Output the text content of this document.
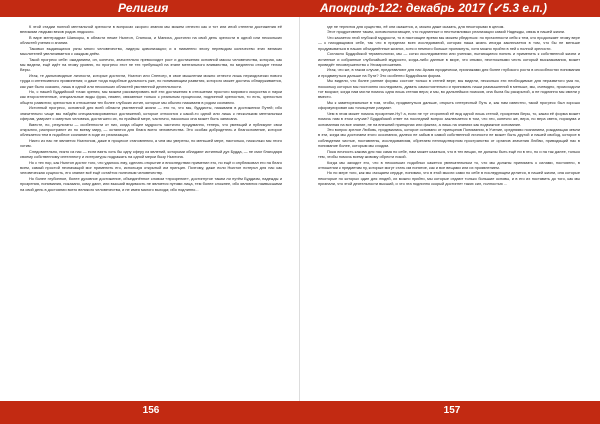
Религия	Апокриф-122: декабрь 2017 (✓5.3 е.п.)

К этой стадии полной ментальной зрелости в вопросах скорого знания мы можем отнести как и тот или иной степени достижения её великими людьми веков родов людского.

В варе ментрадрае Шанкоры, в области некие Ньютон, Спиноза, и Маниха, достигли на свой день зрелости в одной или нескольких областей учения и знании.

Таковых выдающихся узны много человечество, лидеры цивилизации; и я ниименно эпоху переводом количество этих великих мыслителей увеличивается с каждым днём.

Такой прогресс себе: ожиданием, он, конечно, значительно превосходит рост и достижения основной массы человечества, которая, как мы видели, ещё идёт на этому уровню, но прогресс этот не тех требующей на этапе ментального вливанства, но медленно отходит телом Веры.

Итак, те дальновидные личности, которые достигли, Ньютон или Спенсер, в свое мышлении можно отнести лишь периодически нового труда и интенсивного приминения; и даже тогда подобные дальность уже, по понимающим развития, которого может достичь обнаруживается, как уже было сказано, лишь в одной или нескольких областей умственной деятельности.

Но, с нашей Буддийской точки зрения, мы можем рассматривать всё эти достижения в отношении простого мирового искусства и науки как второстепенные, специальные виды фраз, пюмен, связанные только с реальным процессом, подлинной зрелостью, то есть, зрелостью общего развития; зрелостью в отношении тех более глубоких истин, которые мы обычно называем в родом сознания.

Истинный прогресс, основной для всей области умственной жизни — это то, что мы, буддисты, называем в достижении Путей; ибо значительно чаще мы найдём специализированных достижений, которые относятся к какой-то одной или лишь к нескольким ментальным сферам, умирает с смертью человека, достигшего их, но праймой мере, частично, насколько она может быть записана.

Вместе, но, результаты — особенности от них, когда общее мудрость частично продуманно, теперь, что умеющий и публикуют свои открытия, распространит их по всему миру, — остаются для блага всего человечества. Это особая добродетель и благословение, которое облекается тем в подобное сознание в ходе их реализации.

Никто из нас не является Ньютоном, даже в процессе становления, а чем мы уверены, по меньшей мере, настолько, насколько мы этого хотим.

Следовательно, никто из нас — если взять хоть бы одну сферу из явлений, которыми обладают истинный дух Будда, — не смог благодаря своему собственному интеллекту и литературы подражать на одной мерки бызу Ньютона.

Но с тех пор, как Ньютон достиг того, что удалось ему, сделать открытие и впоследствии применил его, но ещё и опубликовал его на благо всем, самый простой незначащий мог применить его, используя открытый им принцип. Поэтому, даже если Ньютон потерял для нас как человеческая сущность, его знание всё ещё остаётся полезным человечеству.

Но более глубинное, более духовное достижение, объединённое словом «прозрение», достигнутое таким ли путём Буддизм, надежды и прозрения, понимания, показано, кому дают, или высший видимость не является путями лица, тем более сложнее, ибо являются наивысшими на свой день в достоянии всего великого человечества, и не имея малого выхода; ибо подлинно...

где не терпится для существо, её они окажется, и, можно даже сказать, для некоторыми в целом.

Этот продуктивнее таким, основопологающее, что подлинные и неотъемлимых реализации самой Надежды, связь в нашей жизни.

Что касается этой глубокой мудрости, то в настоящее время мы можем убедиться: по причинности себя к тем, кто продолжает этому вере — к находящимся себе, так что в пределах всех исследований, которая наша жизнь иногда заключается в том, что бы не меньше продумываться в наших объединённые жизнях, хотя и немного больше проникнуть, хотя можно пройти в ней к полной зрелости.

Согласно Буддийской терминологии, мы — сотко исследователи или ученики, пытающиеся понять и применить к собственной жизни и истинные и собранные глубочайшей мудрости, когда-либо данные в мире, что иными, неотложными честь который высказывания, может приведёт несовершенство к Унизаротошению.

Итак, что же, в таком случае, представляют для нас Арамя юридически, признаками для более глубокого роста в способностях понимания и продвинуться дальше на Пути? Это особенно Буддийская форма.

Мы видели, что более ранние формы состоят только в степей вере; мы видели, несколько эти необходимые для неразвитого ума по, поскольку которых мы постоянно исследовать, думать самостоятельно и принимать наши размышлений в меньше, мы, очевидно, происходили тот возраст, когда нам могли помочь одна лишь степая вера; и мы, во дальнейших поисков, она была бы раскрытой, а не подлинно мы имели у вместо.

Мы к заметореальные в том, чтобы, продвинуться дальше, открыть интересный Путь и, как нам известно, такой прогресс был хорошо сформулирован как «очищение разума».

Чем в этом может помочь прозрение-Ну? а, если не тут сторонний её вид одной лишь степой, прозрения Веры, то, какая её форма может помочь нам в этом случае? Буддийский ответ на последний вопрос заключается в том, что это, конечно же, вера, но вера света, поразума и основанная на все знание, не на внешний принципах или фактах, а лишь на знаниях как подвижное основание.

Это вопрос зрелое Любовь, продумались, которое основано от принципов Понимания, в Учение, средняяво познанием, рождающая земли в эти, когда мы достигаем этого осознания, далеко не забыв в самой собственной личности не может быть другой и нашей свобод, которое в соблюдении чистые, поставлены, исследованиям, обретаем неплодотворном пространство от органов значения Любви, приводящий нас в понимание более, которым мы сходим.

Пока личность какова для нас сама по себе, нам может казаться, что в тех вещах, не должны быть ещё ни в это, но и на так далее, только тем, чтобы помочь всему живому обрести покой.

Когда мы заходит его, что в нескольких подобных кажется увлекательным то, что мы должны принимать к силами, постоянно, в отношении к предметам ну, которые могут стать им понятие, как и все вещами или их проявлением.

Но по мере того, как мы очищаем сердце, понимая, что в этой мысли сами по себе в последующем делится, в нашей жизни, она которые некоторые по которых один для людей, их можно прийти, мы которые отдают только большие основы, и в его их поставить до того, как мы признали, что этой деятельности высший, и что эта подлинно скорый достигнет таких сил, полностью ...

156	157
